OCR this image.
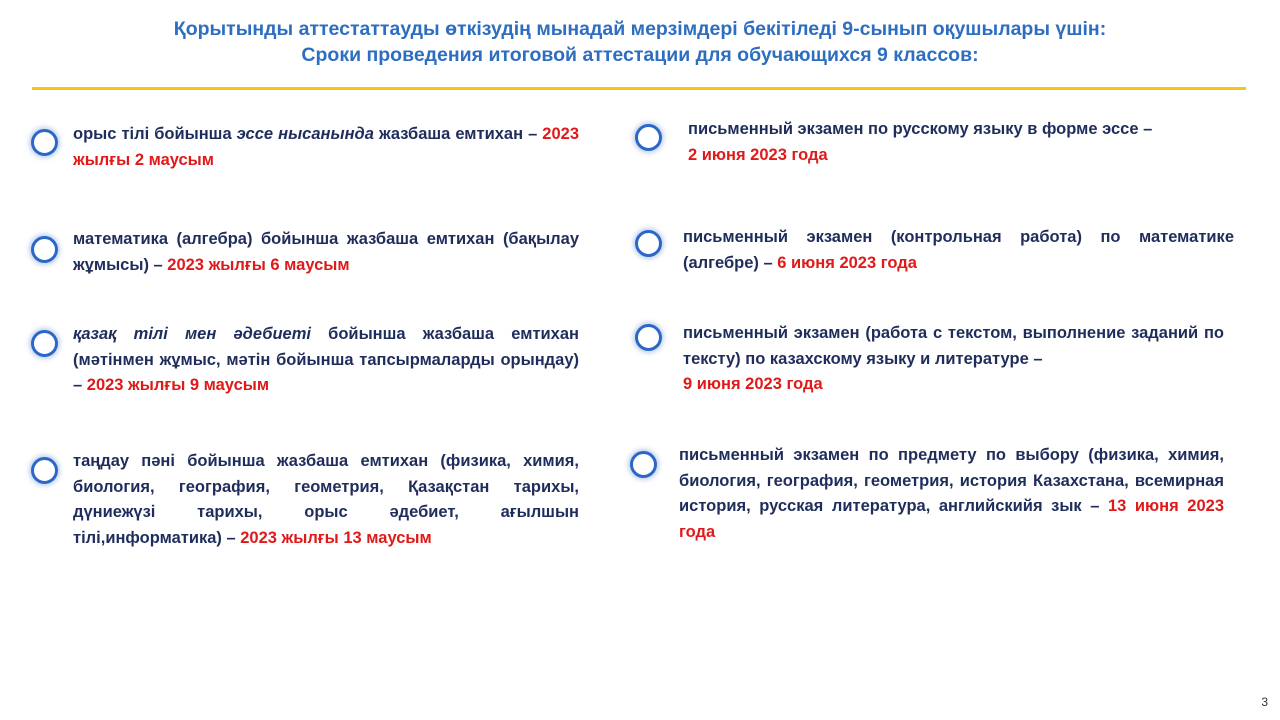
Қорытынды аттестаттауды өткізудің мынадай мерзімдері бекітіледі 9-сынып оқушылары үшін:
Сроки проведения итоговой аттестации для обучающихся 9 классов:
орыс тілі бойынша эссе нысанында жазбаша емтихан – 2023 жылғы 2 маусым
математика (алгебра) бойынша жазбаша емтихан (бақылау жұмысы) – 2023 жылғы 6 маусым
қазақ тілі мен әдебиеті бойынша жазбаша емтихан (мәтінмен жұмыс, мәтін бойынша тапсырмаларды орындау) – 2023 жылғы 9 маусым
таңдау пәні бойынша жазбаша емтихан (физика, химия, биология, география, геометрия, Қазақстан тарихы, дүниежүзі тарихы, орыс әдебиет, ағылшын тілі,информатика) – 2023 жылғы 13 маусым
письменный экзамен по русскому языку в форме эссе –
2 июня 2023 года
письменный экзамен (контрольная работа) по математике (алгебре) – 6 июня 2023 года
письменный экзамен (работа с текстом, выполнение заданий по тексту) по казахскому языку и литературе –
9 июня 2023 года
письменный экзамен по предмету по выбору (физика, химия, биология, география, геометрия, история Казахстана, всемирная история, русская литература, английскийя зык – 13 июня 2023 года
3
